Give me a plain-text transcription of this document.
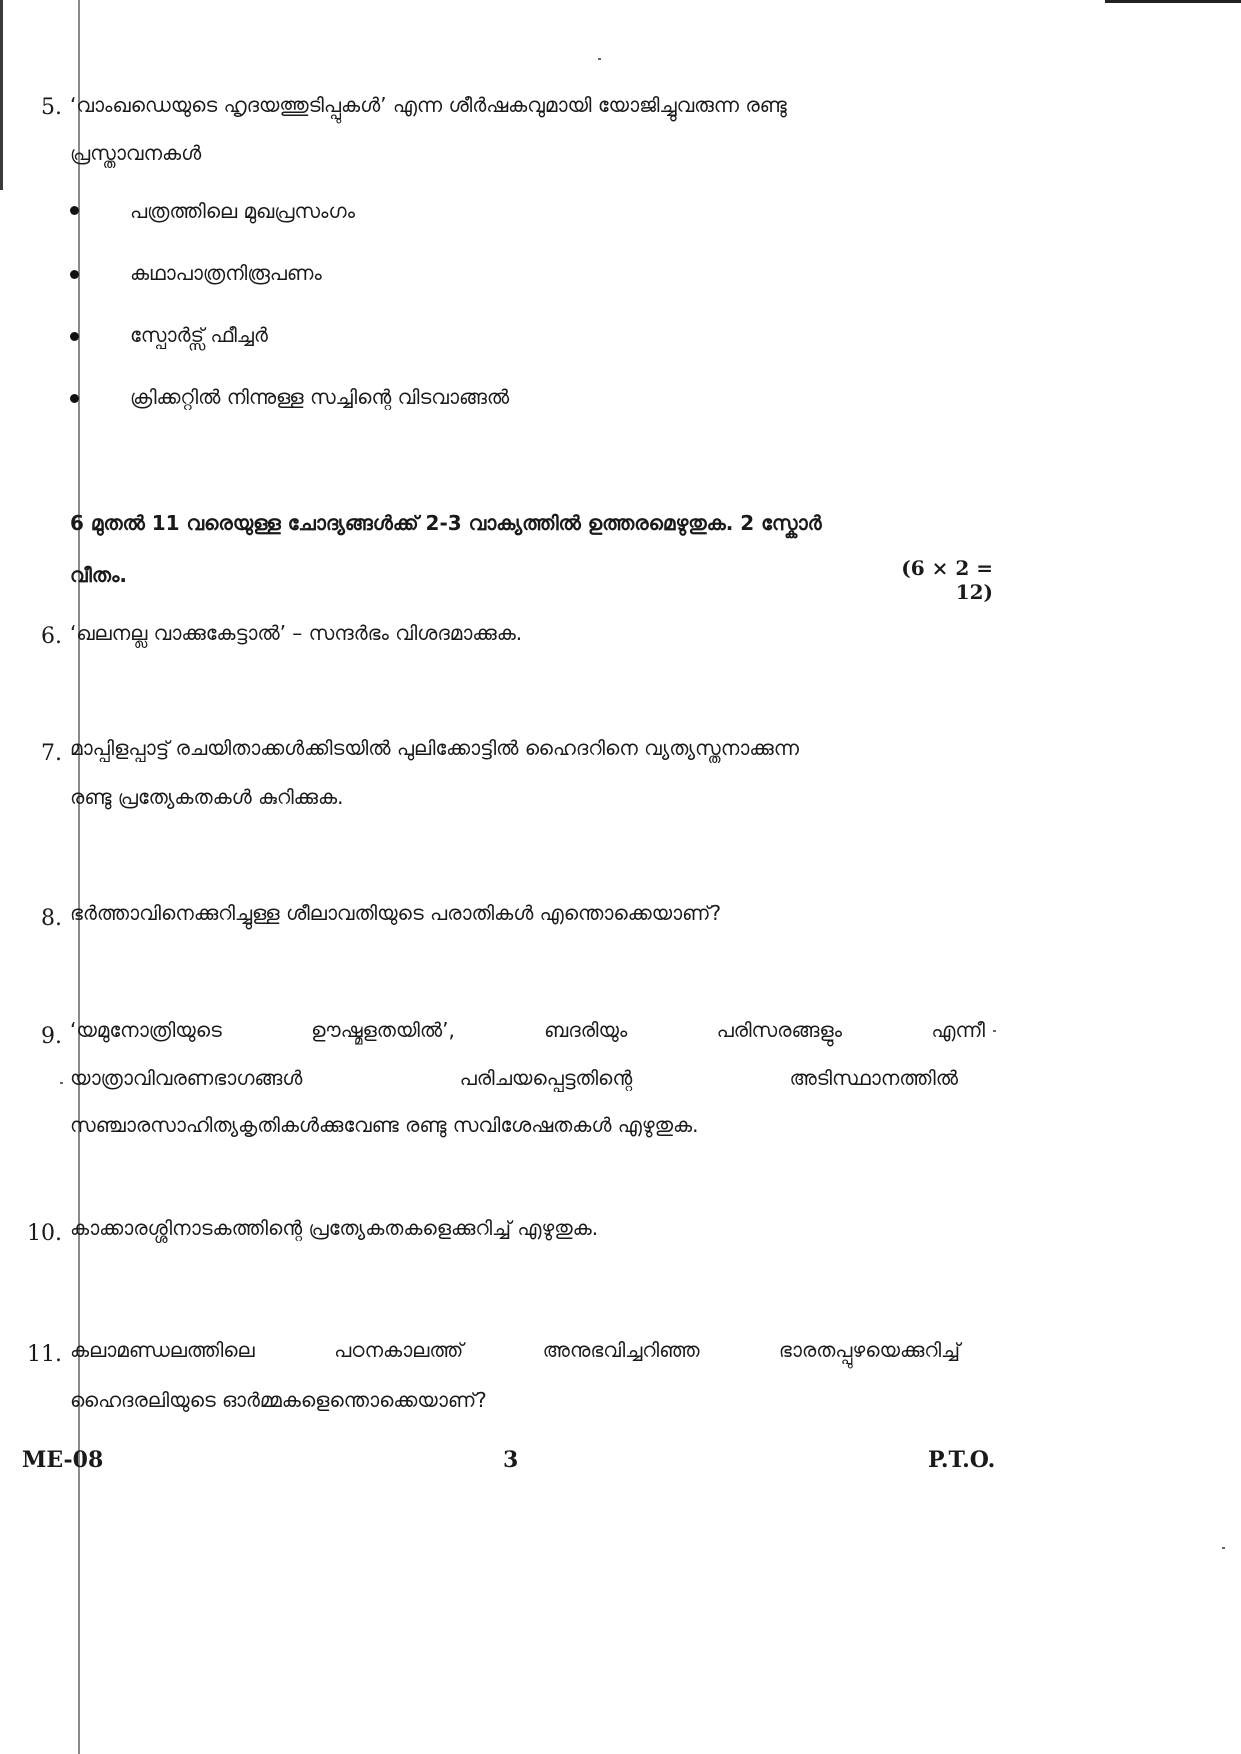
5. ‘വാംഖഡെയുടെ ഹൃദയത്തുടിപ്പുകൾ’ എന്ന ശീർഷകവുമായി യോജിച്ചുവരുന്ന രണ്ടു
പ്രസ്താവനകൾ
പത്രത്തിലെ മുഖപ്രസംഗം
കഥാപാത്രനിരൂപണം
സ്പോർട്സ് ഫീച്ചർ
ക്രിക്കറ്റിൽ നിന്നുള്ള സച്ചിന്റെ വിടവാങ്ങൽ
6 മുതൽ 11 വരെയുള്ള ചോദ്യങ്ങൾക്ക് 2-3 വാക്യത്തിൽ ഉത്തരമെഴുതുക. 2 സ്കോർ
വീതം.	(6 × 2 = 12)
6. ‘ഖലനല്ല വാക്കുകേട്ടാൽ’ – സന്ദർഭം വിശദമാക്കുക.
7. മാപ്പിളപ്പാട്ട് രചയിതാക്കൾക്കിടയിൽ പുലിക്കോട്ടിൽ ഹൈദറിനെ വ്യത്യസ്തനാക്കുന്ന
രണ്ടു പ്രത്യേകതകൾ കുറിക്കുക.
8. ഭർത്താവിനെക്കുറിച്ചുള്ള ശീലാവതിയുടെ പരാതികൾ എന്തൊക്കെയാണ്?
9. ‘യമുനോത്രിയുടെ	ഊഷ്മളതയിൽ’,	ബദരിയും	പരിസരങ്ങളും	എന്നീ
യാത്രാവിവരണഭാഗങ്ങൾ	പരിചയപ്പെട്ടതിന്റെ	അടിസ്ഥാനത്തിൽ
സഞ്ചാരസാഹിത്യകൃതികൾക്കുവേണ്ട രണ്ടു സവിശേഷതകൾ എഴുതുക.
10. കാക്കാരശ്ശിനാടകത്തിന്റെ പ്രത്യേകതകളെക്കുറിച്ച് എഴുതുക.
11. കലാമണ്ഡലത്തിലെ	പഠനകാലത്ത്	അനുഭവിച്ചറിഞ്ഞ	ഭാരതപ്പുഴയെക്കുറിച്ച്
ഹൈദരലിയുടെ ഓർമ്മകളെന്തൊക്കെയാണ്?
ME-08	3	P.T.O.
